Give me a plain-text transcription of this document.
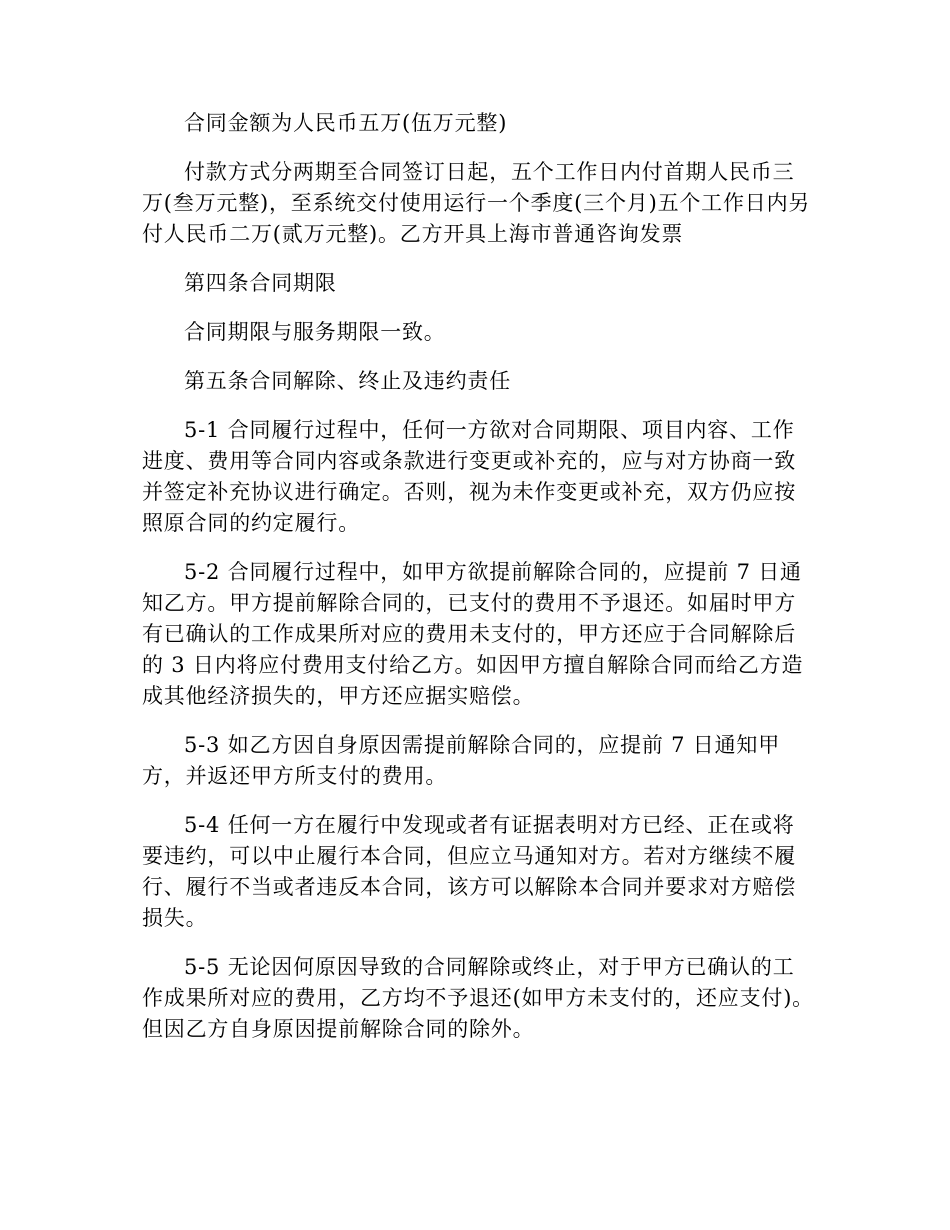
合同金额为人民币五万(伍万元整)

付款方式分两期至合同签订日起，五个工作日内付首期人民币三万(叁万元整)，至系统交付使用运行一个季度(三个月)五个工作日内另付人民币二万(贰万元整)。乙方开具上海市普通咨询发票

第四条合同期限

合同期限与服务期限一致。

第五条合同解除、终止及违约责任

5-1 合同履行过程中，任何一方欲对合同期限、项目内容、工作进度、费用等合同内容或条款进行变更或补充的，应与对方协商一致并签定补充协议进行确定。否则，视为未作变更或补充，双方仍应按照原合同的约定履行。

5-2 合同履行过程中，如甲方欲提前解除合同的，应提前 7 日通知乙方。甲方提前解除合同的，已支付的费用不予退还。如届时甲方有已确认的工作成果所对应的费用未支付的，甲方还应于合同解除后的 3 日内将应付费用支付给乙方。如因甲方擅自解除合同而给乙方造成其他经济损失的，甲方还应据实赔偿。

5-3 如乙方因自身原因需提前解除合同的，应提前 7 日通知甲方，并返还甲方所支付的费用。

5-4 任何一方在履行中发现或者有证据表明对方已经、正在或将要违约，可以中止履行本合同，但应立马通知对方。若对方继续不履行、履行不当或者违反本合同，该方可以解除本合同并要求对方赔偿损失。

5-5 无论因何原因导致的合同解除或终止，对于甲方已确认的工作成果所对应的费用，乙方均不予退还(如甲方未支付的，还应支付)。但因乙方自身原因提前解除合同的除外。
